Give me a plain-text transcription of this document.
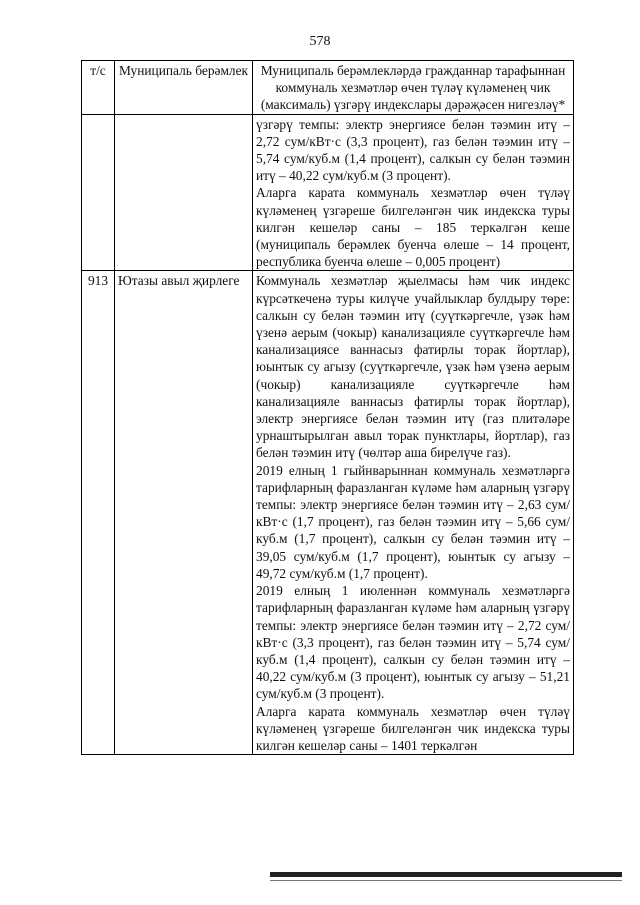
578
т/с	Муниципаль берәмлек	Муниципаль берәмлекләрдә гражданнар тарафыннан коммуналь хезмәтләр өчен түләү күләменең чик (максималь) үзгәрү индекслары дәрәҗәсен нигезләү*

		үзгәрү темпы: электр энергиясе белән тәэмин итү – 2,72 сум/кВт·с (3,3 процент), газ белән тәэмин итү – 5,74 сум/куб.м (1,4 процент), салкын су белән тәэмин итү – 40,22 сум/куб.м (3 процент).

Аларга карата коммуналь хезмәтләр өчен түләү күләменең үзгәреше билгеләнгән чик индекска туры килгән кешеләр саны – 185 теркәлгән кеше (муниципаль берәмлек буенча өлеше – 14 процент, республика буенча өлеше – 0,005 процент)

913	Ютазы авыл җирлеге	Коммуналь хезмәтләр җыелмасы һәм чик индекс күрсәткеченә туры килүче учайлыклар булдыру төре: салкын су белән тәэмин итү (суүткәргечле, үзәк һәм үзенә аерым (чокыр) канализацияле суүткәргечле һәм канализациясе ваннасыз фатирлы торак йортлар), юынтык су агызу (суүткәргечле, үзәк һәм үзенә аерым (чокыр) канализацияле суүткәргечле һәм канализацияле ваннасыз фатирлы торак йортлар), электр энергиясе белән тәэмин итү (газ плитәләре урнаштырылган авыл торак пунктлары, йортлар), газ белән тәэмин итү (чөлтәр аша бирелүче газ).

2019 елның 1 гыйнварыннан коммуналь хезмәтләргә тарифларның фаразланган күләме һәм аларның үзгәрү темпы: электр энергиясе белән тәэмин итү – 2,63 сум/кВт·с (1,7 процент), газ белән тәэмин итү – 5,66 сум/куб.м (1,7 процент), салкын су белән тәэмин итү – 39,05 сум/куб.м (1,7 процент), юынтык су агызу – 49,72 сум/куб.м (1,7 процент).

2019 елның 1 июленнән коммуналь хезмәтләргә тарифларның фаразланган күләме һәм аларның үзгәрү темпы: электр энергиясе белән тәэмин итү – 2,72 сум/кВт·с (3,3 процент), газ белән тәэмин итү – 5,74 сум/куб.м (1,4 процент), салкын су белән тәэмин итү – 40,22 сум/куб.м (3 процент), юынтык су агызу – 51,21 сум/куб.м (3 процент).

Аларга карата коммуналь хезмәтләр өчен түләү күләменең үзгәреше билгеләнгән чик индекска туры килгән кешеләр саны – 1401 теркәлгән
